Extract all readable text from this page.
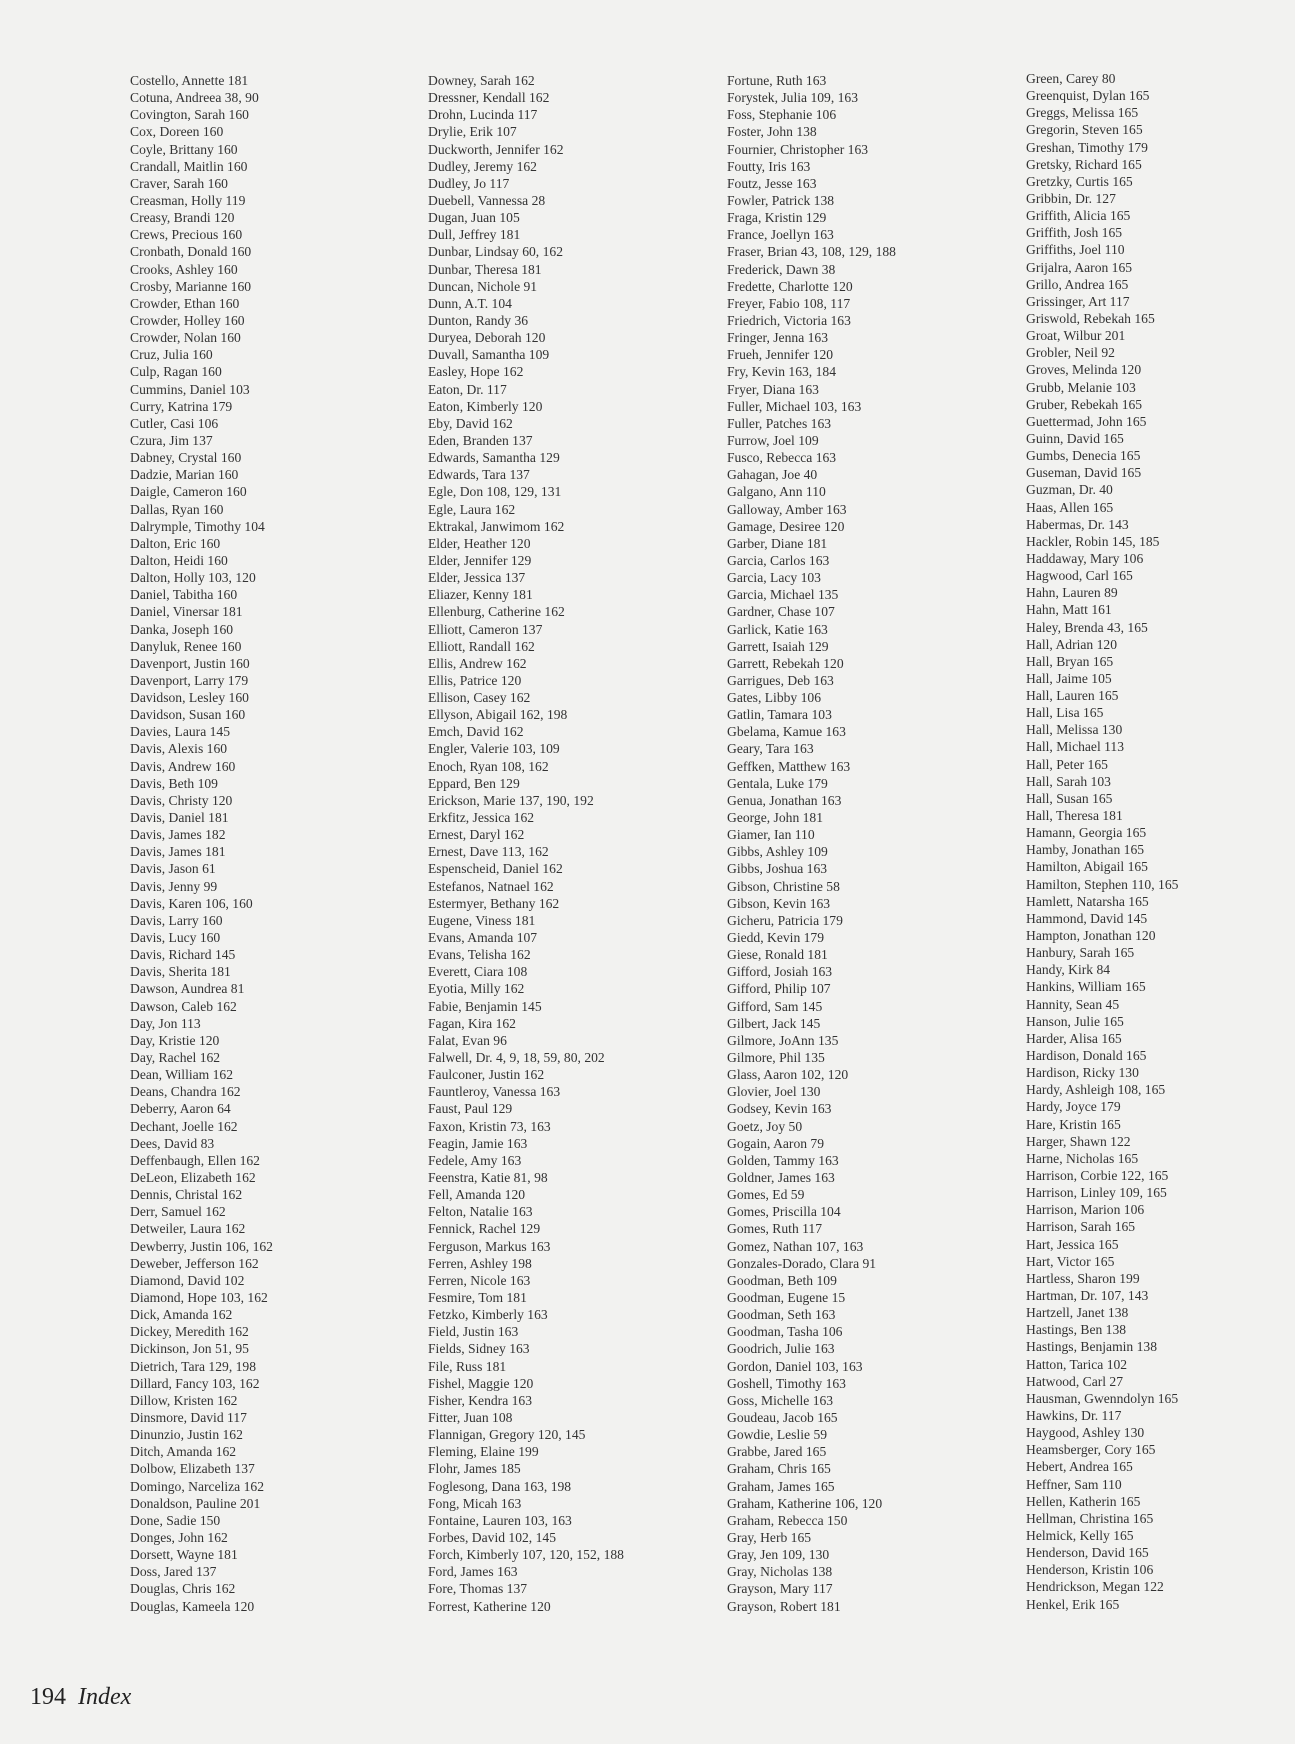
Costello, Annette 181
Cotuna, Andreea 38, 90
Covington, Sarah 160
Cox, Doreen 160
Coyle, Brittany 160
Crandall, Maitlin 160
Craver, Sarah 160
Creasman, Holly 119
Creasy, Brandi 120
Crews, Precious 160
Cronbath, Donald 160
Crooks, Ashley 160
Crosby, Marianne 160
Crowder, Ethan 160
Crowder, Holley 160
Crowder, Nolan 160
Cruz, Julia 160
Culp, Ragan 160
Cummins, Daniel 103
Curry, Katrina 179
Cutler, Casi 106
Czura, Jim 137
Dabney, Crystal 160
Dadzie, Marian 160
Daigle, Cameron 160
Dallas, Ryan 160
Dalrymple, Timothy 104
Dalton, Eric 160
Dalton, Heidi 160
Dalton, Holly 103, 120
Daniel, Tabitha 160
Daniel, Vinersar 181
Danka, Joseph 160
Danyluk, Renee 160
Davenport, Justin 160
Davenport, Larry 179
Davidson, Lesley 160
Davidson, Susan 160
Davies, Laura 145
Davis, Alexis 160
Davis, Andrew 160
Davis, Beth 109
Davis, Christy 120
Davis, Daniel 181
Davis, James 182
Davis, James 181
Davis, Jason 61
Davis, Jenny 99
Davis, Karen 106, 160
Davis, Larry 160
Davis, Lucy 160
Davis, Richard 145
Davis, Sherita 181
Dawson, Aundrea 81
Dawson, Caleb 162
Day, Jon 113
Day, Kristie 120
Day, Rachel 162
Dean, William 162
Deans, Chandra 162
Deberry, Aaron 64
Dechant, Joelle 162
Dees, David 83
Deffenbaugh, Ellen 162
DeLeon, Elizabeth 162
Dennis, Christal 162
Derr, Samuel 162
Detweiler, Laura 162
Dewberry, Justin 106, 162
Deweber, Jefferson 162
Diamond, David 102
Diamond, Hope 103, 162
Dick, Amanda 162
Dickey, Meredith 162
Dickinson, Jon 51, 95
Dietrich, Tara 129, 198
Dillard, Fancy 103, 162
Dillow, Kristen 162
Dinsmore, David 117
Dinunzio, Justin 162
Ditch, Amanda 162
Dolbow, Elizabeth 137
Domingo, Narceliza 162
Donaldson, Pauline 201
Done, Sadie 150
Donges, John 162
Dorsett, Wayne 181
Doss, Jared 137
Douglas, Chris 162
Douglas, Kameela 120
Downey, Sarah 162
Dressner, Kendall 162
Drohn, Lucinda 117
Drylie, Erik 107
Duckworth, Jennifer 162
Dudley, Jeremy 162
Dudley, Jo 117
Duebell, Vannessa 28
Dugan, Juan 105
Dull, Jeffrey 181
Dunbar, Lindsay 60, 162
Dunbar, Theresa 181
Duncan, Nichole 91
Dunn, A.T. 104
Dunton, Randy 36
Duryea, Deborah 120
Duvall, Samantha 109
Easley, Hope 162
Eaton, Dr. 117
Eaton, Kimberly 120
Eby, David 162
Eden, Branden 137
Edwards, Samantha 129
Edwards, Tara 137
Egle, Don 108, 129, 131
Egle, Laura 162
Ektrakal, Janwimom 162
Elder, Heather 120
Elder, Jennifer 129
Elder, Jessica 137
Eliazer, Kenny 181
Ellenburg, Catherine 162
Elliott, Cameron 137
Elliott, Randall 162
Ellis, Andrew 162
Ellis, Patrice 120
Ellison, Casey 162
Ellyson, Abigail 162, 198
Emch, David 162
Engler, Valerie 103, 109
Enoch, Ryan 108, 162
Eppard, Ben 129
Erickson, Marie 137, 190, 192
Erkfitz, Jessica 162
Ernest, Daryl 162
Ernest, Dave 113, 162
Espenscheid, Daniel 162
Estefanos, Natnael 162
Estermyer, Bethany 162
Eugene, Viness 181
Evans, Amanda 107
Evans, Telisha 162
Everett, Ciara 108
Eyotia, Milly 162
Fabie, Benjamin 145
Fagan, Kira 162
Falat, Evan 96
Falwell, Dr. 4, 9, 18, 59, 80, 202
Faulconer, Justin 162
Fauntleroy, Vanessa 163
Faust, Paul 129
Faxon, Kristin 73, 163
Feagin, Jamie 163
Fedele, Amy 163
Feenstra, Katie 81, 98
Fell, Amanda 120
Felton, Natalie 163
Fennick, Rachel 129
Ferguson, Markus 163
Ferren, Ashley 198
Ferren, Nicole 163
Fesmire, Tom 181
Fetzko, Kimberly 163
Field, Justin 163
Fields, Sidney 163
File, Russ 181
Fishel, Maggie 120
Fisher, Kendra 163
Fitter, Juan 108
Flannigan, Gregory 120, 145
Fleming, Elaine 199
Flohr, James 185
Foglesong, Dana 163, 198
Fong, Micah 163
Fontaine, Lauren 103, 163
Forbes, David 102, 145
Forch, Kimberly 107, 120, 152, 188
Ford, James 163
Fore, Thomas 137
Forrest, Katherine 120
Fortune, Ruth 163
Forystek, Julia 109, 163
Foss, Stephanie 106
Foster, John 138
Fournier, Christopher 163
Foutty, Iris 163
Foutz, Jesse 163
Fowler, Patrick 138
Fraga, Kristin 129
France, Joellyn 163
Fraser, Brian 43, 108, 129, 188
Frederick, Dawn 38
Fredette, Charlotte 120
Freyer, Fabio 108, 117
Friedrich, Victoria 163
Fringer, Jenna 163
Frueh, Jennifer 120
Fry, Kevin 163, 184
Fryer, Diana 163
Fuller, Michael 103, 163
Fuller, Patches 163
Furrow, Joel 109
Fusco, Rebecca 163
Gahagan, Joe 40
Galgano, Ann 110
Galloway, Amber 163
Gamage, Desiree 120
Garber, Diane 181
Garcia, Carlos 163
Garcia, Lacy 103
Garcia, Michael 135
Gardner, Chase 107
Garlick, Katie 163
Garrett, Isaiah 129
Garrett, Rebekah 120
Garrigues, Deb 163
Gates, Libby 106
Gatlin, Tamara 103
Gbelama, Kamue 163
Geary, Tara 163
Geffken, Matthew 163
Gentala, Luke 179
Genua, Jonathan 163
George, John 181
Giamer, Ian 110
Gibbs, Ashley 109
Gibbs, Joshua 163
Gibson, Christine 58
Gibson, Kevin 163
Gicheru, Patricia 179
Giedd, Kevin 179
Giese, Ronald 181
Gifford, Josiah 163
Gifford, Philip 107
Gifford, Sam 145
Gilbert, Jack 145
Gilmore, JoAnn 135
Gilmore, Phil 135
Glass, Aaron 102, 120
Glovier, Joel 130
Godsey, Kevin 163
Goetz, Joy 50
Gogain, Aaron 79
Golden, Tammy 163
Goldner, James 163
Gomes, Ed 59
Gomes, Priscilla 104
Gomes, Ruth 117
Gomez, Nathan 107, 163
Gonzales-Dorado, Clara 91
Goodman, Beth 109
Goodman, Eugene 15
Goodman, Seth 163
Goodman, Tasha 106
Goodrich, Julie 163
Gordon, Daniel 103, 163
Goshell, Timothy 163
Goss, Michelle 163
Goudeau, Jacob 165
Gowdie, Leslie 59
Grabbe, Jared 165
Graham, Chris 165
Graham, James 165
Graham, Katherine 106, 120
Graham, Rebecca 150
Gray, Herb 165
Gray, Jen 109, 130
Gray, Nicholas 138
Grayson, Mary 117
Grayson, Robert 181
Green, Carey 80
Greenquist, Dylan 165
Greggs, Melissa 165
Gregorin, Steven 165
Greshan, Timothy 179
Gretsky, Richard 165
Gretzky, Curtis 165
Gribbin, Dr. 127
Griffith, Alicia 165
Griffith, Josh 165
Griffiths, Joel 110
Grijalra, Aaron 165
Grillo, Andrea 165
Grissinger, Art 117
Griswold, Rebekah 165
Groat, Wilbur 201
Grobler, Neil 92
Groves, Melinda 120
Grubb, Melanie 103
Gruber, Rebekah 165
Guettermad, John 165
Guinn, David 165
Gumbs, Denecia 165
Guseman, David 165
Guzman, Dr. 40
Haas, Allen 165
Habermas, Dr. 143
Hackler, Robin 145, 185
Haddaway, Mary 106
Hagwood, Carl 165
Hahn, Lauren 89
Hahn, Matt 161
Haley, Brenda 43, 165
Hall, Adrian 120
Hall, Bryan 165
Hall, Jaime 105
Hall, Lauren 165
Hall, Lisa 165
Hall, Melissa 130
Hall, Michael 113
Hall, Peter 165
Hall, Sarah 103
Hall, Susan 165
Hall, Theresa 181
Hamann, Georgia 165
Hamby, Jonathan 165
Hamilton, Abigail 165
Hamilton, Stephen 110, 165
Hamlett, Natarsha 165
Hammond, David 145
Hampton, Jonathan 120
Hanbury, Sarah 165
Handy, Kirk 84
Hankins, William 165
Hannity, Sean 45
Hanson, Julie 165
Harder, Alisa 165
Hardison, Donald 165
Hardison, Ricky 130
Hardy, Ashleigh 108, 165
Hardy, Joyce 179
Hare, Kristin 165
Harger, Shawn 122
Harne, Nicholas 165
Harrison, Corbie 122, 165
Harrison, Linley 109, 165
Harrison, Marion 106
Harrison, Sarah 165
Hart, Jessica 165
Hart, Victor 165
Hartless, Sharon 199
Hartman, Dr. 107, 143
Hartzell, Janet 138
Hastings, Ben 138
Hastings, Benjamin 138
Hatton, Tarica 102
Hatwood, Carl 27
Hausman, Gwenndolyn 165
Hawkins, Dr. 117
Haygood, Ashley 130
Heamsberger, Cory 165
Hebert, Andrea 165
Heffner, Sam 110
Hellen, Katherin 165
Hellman, Christina 165
Helmick, Kelly 165
Henderson, David 165
Henderson, Kristin 106
Hendrickson, Megan 122
Henkel, Erik 165
194 Index
